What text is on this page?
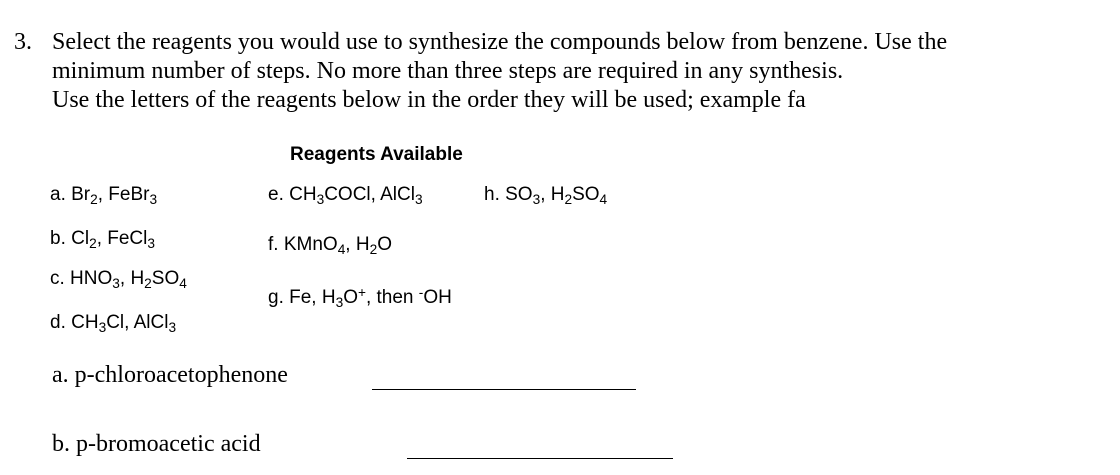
3. Select the reagents you would use to synthesize the compounds below from benzene. Use the
minimum number of steps. No more than three steps are required in any synthesis.
Use the letters of the reagents below in the order they will be used; example fa
Reagents Available
a. $Br_2$, FeBr$_3$
b. $Cl_2$, FeCl$_3$
c. $HNO_3$, $H_2SO_4$
d. $CH_3Cl$, AlCl$_3$
e. $CH_3COCl$, AlCl$_3$
f. KMnO$_4$, $H_2O$
g. Fe, $H_3O^+$, then -OH
h. $SO_3$, $H_2SO_4$
a. p-chloroacetophenone
b. p-bromoacetic acid
